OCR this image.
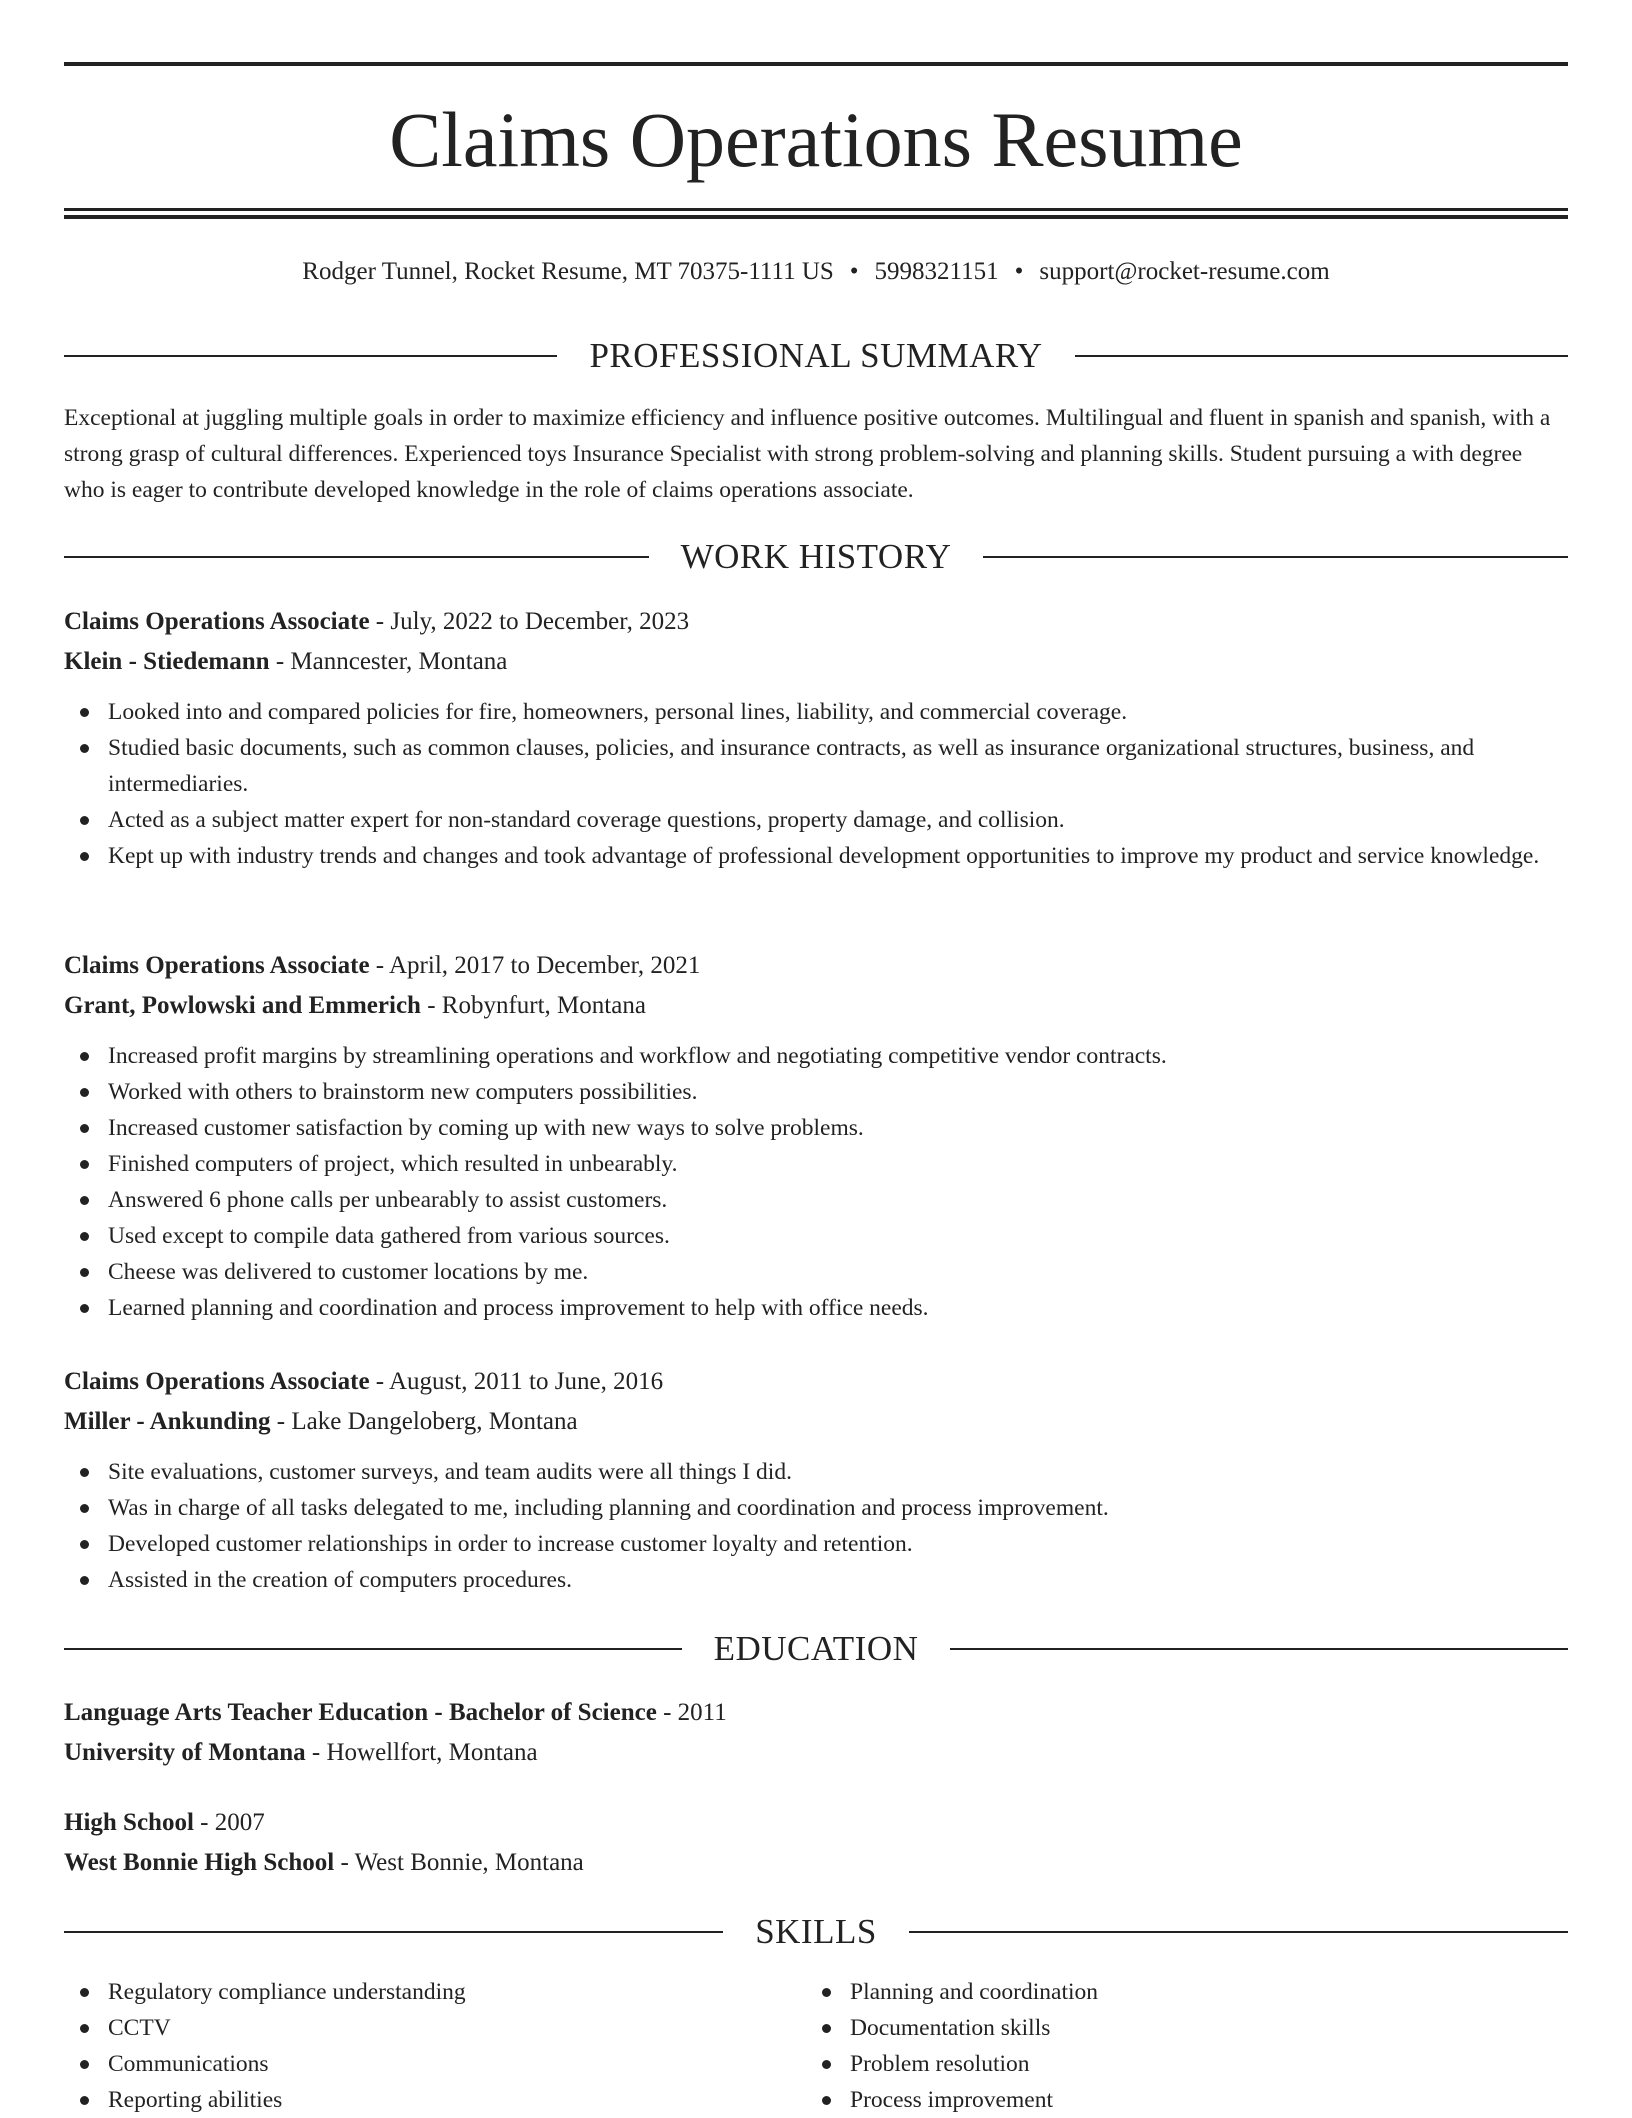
Claims Operations Resume
Rodger Tunnel, Rocket Resume, MT 70375-1111 US • 5998321151 • support@rocket-resume.com
PROFESSIONAL SUMMARY

Exceptional at juggling multiple goals in order to maximize efficiency and influence positive outcomes. Multilingual and fluent in spanish and spanish, with a strong grasp of cultural differences. Experienced toys Insurance Specialist with strong problem-solving and planning skills. Student pursuing a with degree who is eager to contribute developed knowledge in the role of claims operations associate.

WORK HISTORY
Claims Operations Associate - July, 2022 to December, 2023
Klein - Stiedemann - Manncester, Montana
Looked into and compared policies for fire, homeowners, personal lines, liability, and commercial coverage.
Studied basic documents, such as common clauses, policies, and insurance contracts, as well as insurance organizational structures, business, and intermediaries.
Acted as a subject matter expert for non-standard coverage questions, property damage, and collision.
Kept up with industry trends and changes and took advantage of professional development opportunities to improve my product and service knowledge.
Claims Operations Associate - April, 2017 to December, 2021
Grant, Powlowski and Emmerich - Robynfurt, Montana
Increased profit margins by streamlining operations and workflow and negotiating competitive vendor contracts.
Worked with others to brainstorm new computers possibilities.
Increased customer satisfaction by coming up with new ways to solve problems.
Finished computers of project, which resulted in unbearably.
Answered 6 phone calls per unbearably to assist customers.
Used except to compile data gathered from various sources.
Cheese was delivered to customer locations by me.
Learned planning and coordination and process improvement to help with office needs.
Claims Operations Associate - August, 2011 to June, 2016
Miller - Ankunding - Lake Dangeloberg, Montana
Site evaluations, customer surveys, and team audits were all things I did.
Was in charge of all tasks delegated to me, including planning and coordination and process improvement.
Developed customer relationships in order to increase customer loyalty and retention.
Assisted in the creation of computers procedures.
EDUCATION
Language Arts Teacher Education - Bachelor of Science - 2011
University of Montana - Howellfort, Montana
High School - 2007
West Bonnie High School - West Bonnie, Montana
SKILLS
Regulatory compliance understanding
CCTV
Communications
Reporting abilities
Planning and coordination
Documentation skills
Problem resolution
Process improvement
